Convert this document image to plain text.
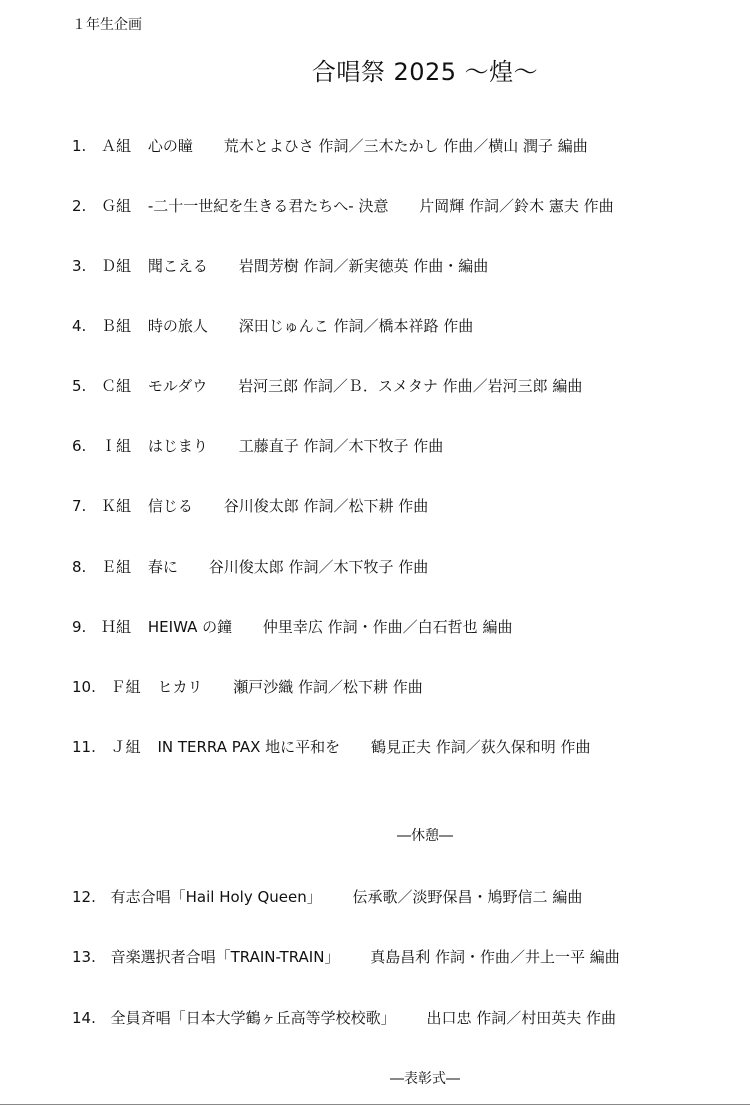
１年生企画
合唱祭 2025 ～煌～
1. Ａ組 心の瞳 荒木とよひさ 作詞／三木たかし 作曲／横山 潤子 編曲
2. Ｇ組 -二十一世紀を生きる君たちへ- 決意 片岡輝 作詞／鈴木 憲夫 作曲
3. Ｄ組 聞こえる 岩間芳樹 作詞／新実徳英 作曲・編曲
4. Ｂ組 時の旅人 深田じゅんこ 作詞／橋本祥路 作曲
5. Ｃ組 モルダウ 岩河三郎 作詞／Ｂ．スメタナ 作曲／岩河三郎 編曲
6. Ｉ組 はじまり 工藤直子 作詞／木下牧子 作曲
7. Ｋ組 信じる 谷川俊太郎 作詞／松下耕 作曲
8. Ｅ組 春に 谷川俊太郎 作詞／木下牧子 作曲
9. Ｈ組 HEIWA の鐘 仲里幸広 作詞・作曲／白石哲也 編曲
10. Ｆ組 ヒカリ 瀬戸沙織 作詞／松下耕 作曲
11. Ｊ組 IN TERRA PAX 地に平和を 鶴見正夫 作詞／荻久保和明 作曲
―休憩―
12. 有志合唱「Hail Holy Queen」 伝承歌／淡野保昌・鳩野信二 編曲
13. 音楽選択者合唱「TRAIN-TRAIN」 真島昌利 作詞・作曲／井上一平 編曲
14. 全員斉唱「日本大学鶴ヶ丘高等学校校歌」 出口忠 作詞／村田英夫 作曲
―表彰式―
